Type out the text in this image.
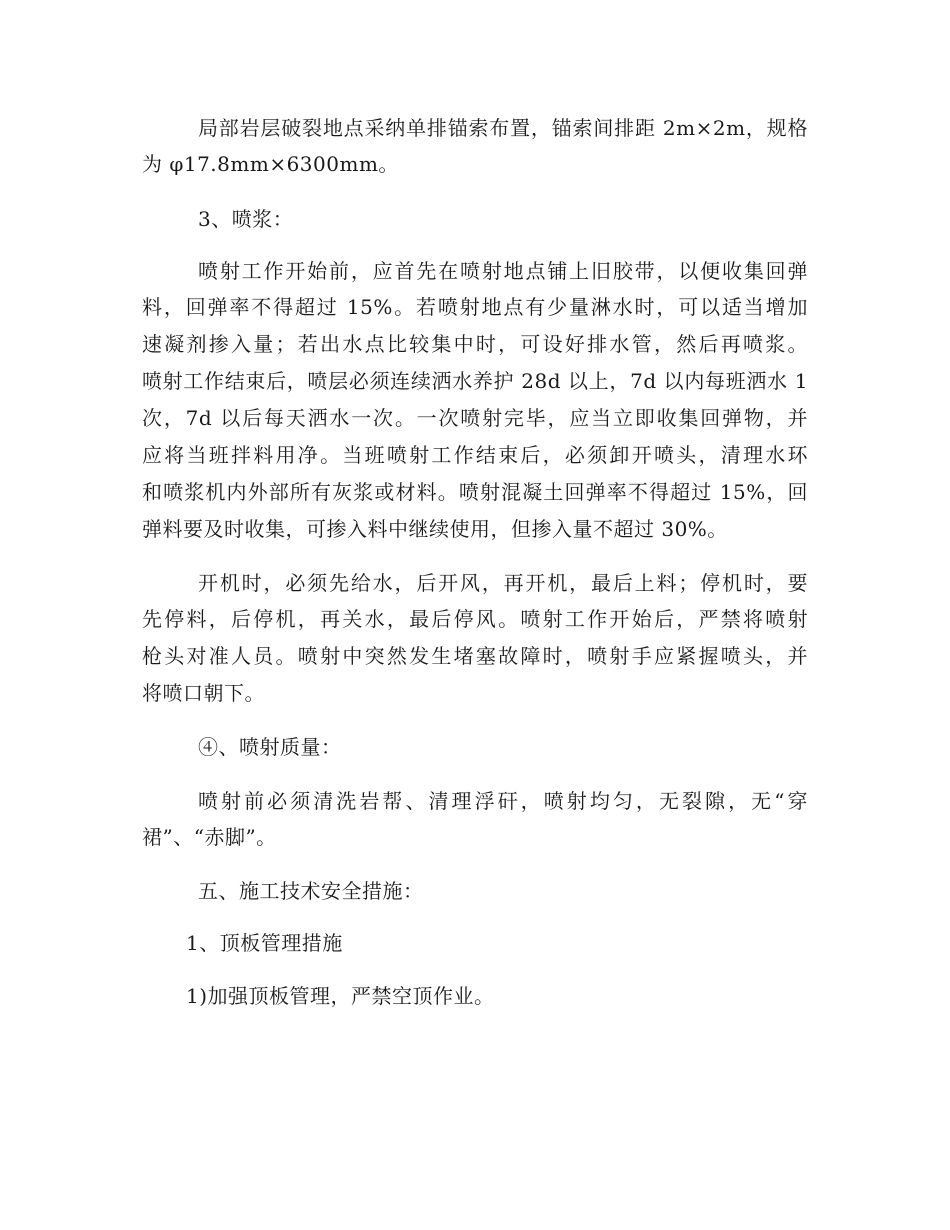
局部岩层破裂地点采纳单排锚索布置，锚索间排距 2m×2m，规格
为 φ17.8mm×6300mm。
3、喷浆：
喷射工作开始前，应首先在喷射地点铺上旧胶带，以便收集回弹
料，回弹率不得超过 15%。若喷射地点有少量淋水时，可以适当增加
速凝剂掺入量；若出水点比较集中时，可设好排水管，然后再喷浆。
喷射工作结束后，喷层必须连续洒水养护 28d 以上，7d 以内每班洒水 1
次，7d 以后每天洒水一次。一次喷射完毕，应当立即收集回弹物，并
应将当班拌料用净。当班喷射工作结束后，必须卸开喷头，清理水环
和喷浆机内外部所有灰浆或材料。喷射混凝土回弹率不得超过 15%，回
弹料要及时收集，可掺入料中继续使用，但掺入量不超过 30%。
开机时，必须先给水，后开风，再开机，最后上料；停机时，要
先停料，后停机，再关水，最后停风。喷射工作开始后，严禁将喷射
枪头对准人员。喷射中突然发生堵塞故障时，喷射手应紧握喷头，并
将喷口朝下。
④、喷射质量：
喷射前必须清洗岩帮、清理浮矸，喷射均匀，无裂隙，无“穿
裙”、“赤脚”。
五、施工技术安全措施：
1、顶板管理措施
1)加强顶板管理，严禁空顶作业。
